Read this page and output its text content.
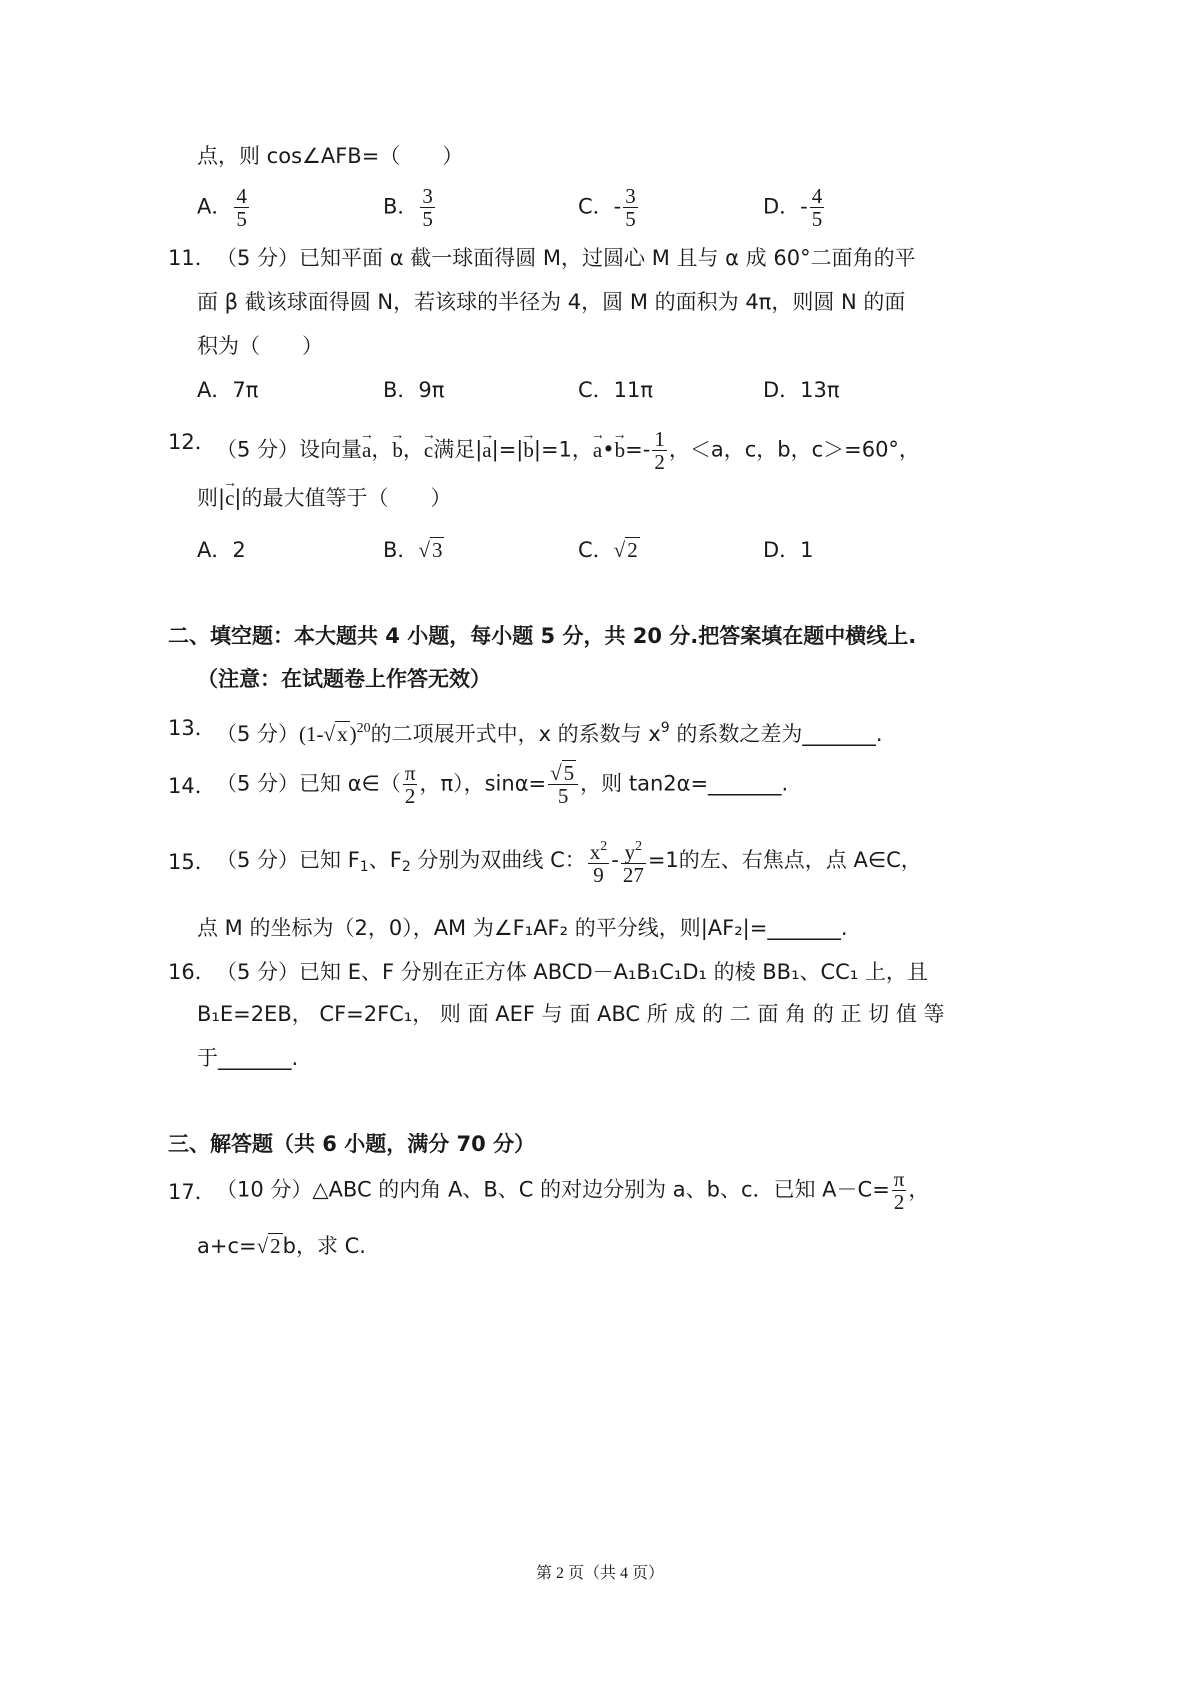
点，则 cos∠AFB=（　　）
A． $\frac{4}{5}$	B． $\frac{3}{5}$	C．- $\frac{3}{5}$	D．- $\frac{4}{5}$
11． （5 分）已知平面 α 截一球面得圆 M，过圆心 M 且与 α 成 60°二面角的平
面 β 截该球面得圆 N，若该球的半径为 4，圆 M 的面积为 4π，则圆 N 的面
积为（　　）
A．7π	B．9π	C．11π	D．13π
12． （5 分）设向量→ a，→ b，→ c满足|→ a|=|→ b|=1，→ a•→ $b=- \frac{1}{2}$ ，＜a，c，b，c＞=60°，
则|→ c|的最大值等于（　　）
A．2	B．√3	C．√2	D．1
二、填空题：本大题共 4 小题，每小题 5 分，共 20 分.把答案填在题中横线上.
（注意：在试题卷上作答无效）
13． （5 分）$(1-√x)^{20}$的二项展开式中，x 的系数与 $x^9$ 的系数之差为_______.
14． （5 分）已知 α∈（ $\frac{\pi}{2}$ ，π），$\sin\alpha= \frac{√5}{5}$ ，则 tan2α=_______.
15． （5 分）已知 $F_1$、$F_2$ 分别为双曲线 C： $\frac{x^2}{9} - \frac{y^2}{27} =1$的左、右焦点，点 A∈C，
点 M 的坐标为（2，0），AM 为∠F₁AF₂ 的平分线，则|AF₂|=_______.
16． （5 分）已知 E、F 分别在正方体 ABCD－A₁B₁C₁D₁ 的棱 BB₁、CC₁ 上，且
B₁E=2EB， CF=2FC₁， 则 面 AEF 与 面 ABC 所 成 的 二 面 角 的 正 切 值 等
于_______.
三、解答题（共 6 小题，满分 70 分）
17． （10 分）△ABC 的内角 A、B、C 的对边分别为 a、b、c．已知 $A-C= \frac{\pi}{2}$ ，
a+c=√2b，求 C.
第 2 页（共 4 页）
